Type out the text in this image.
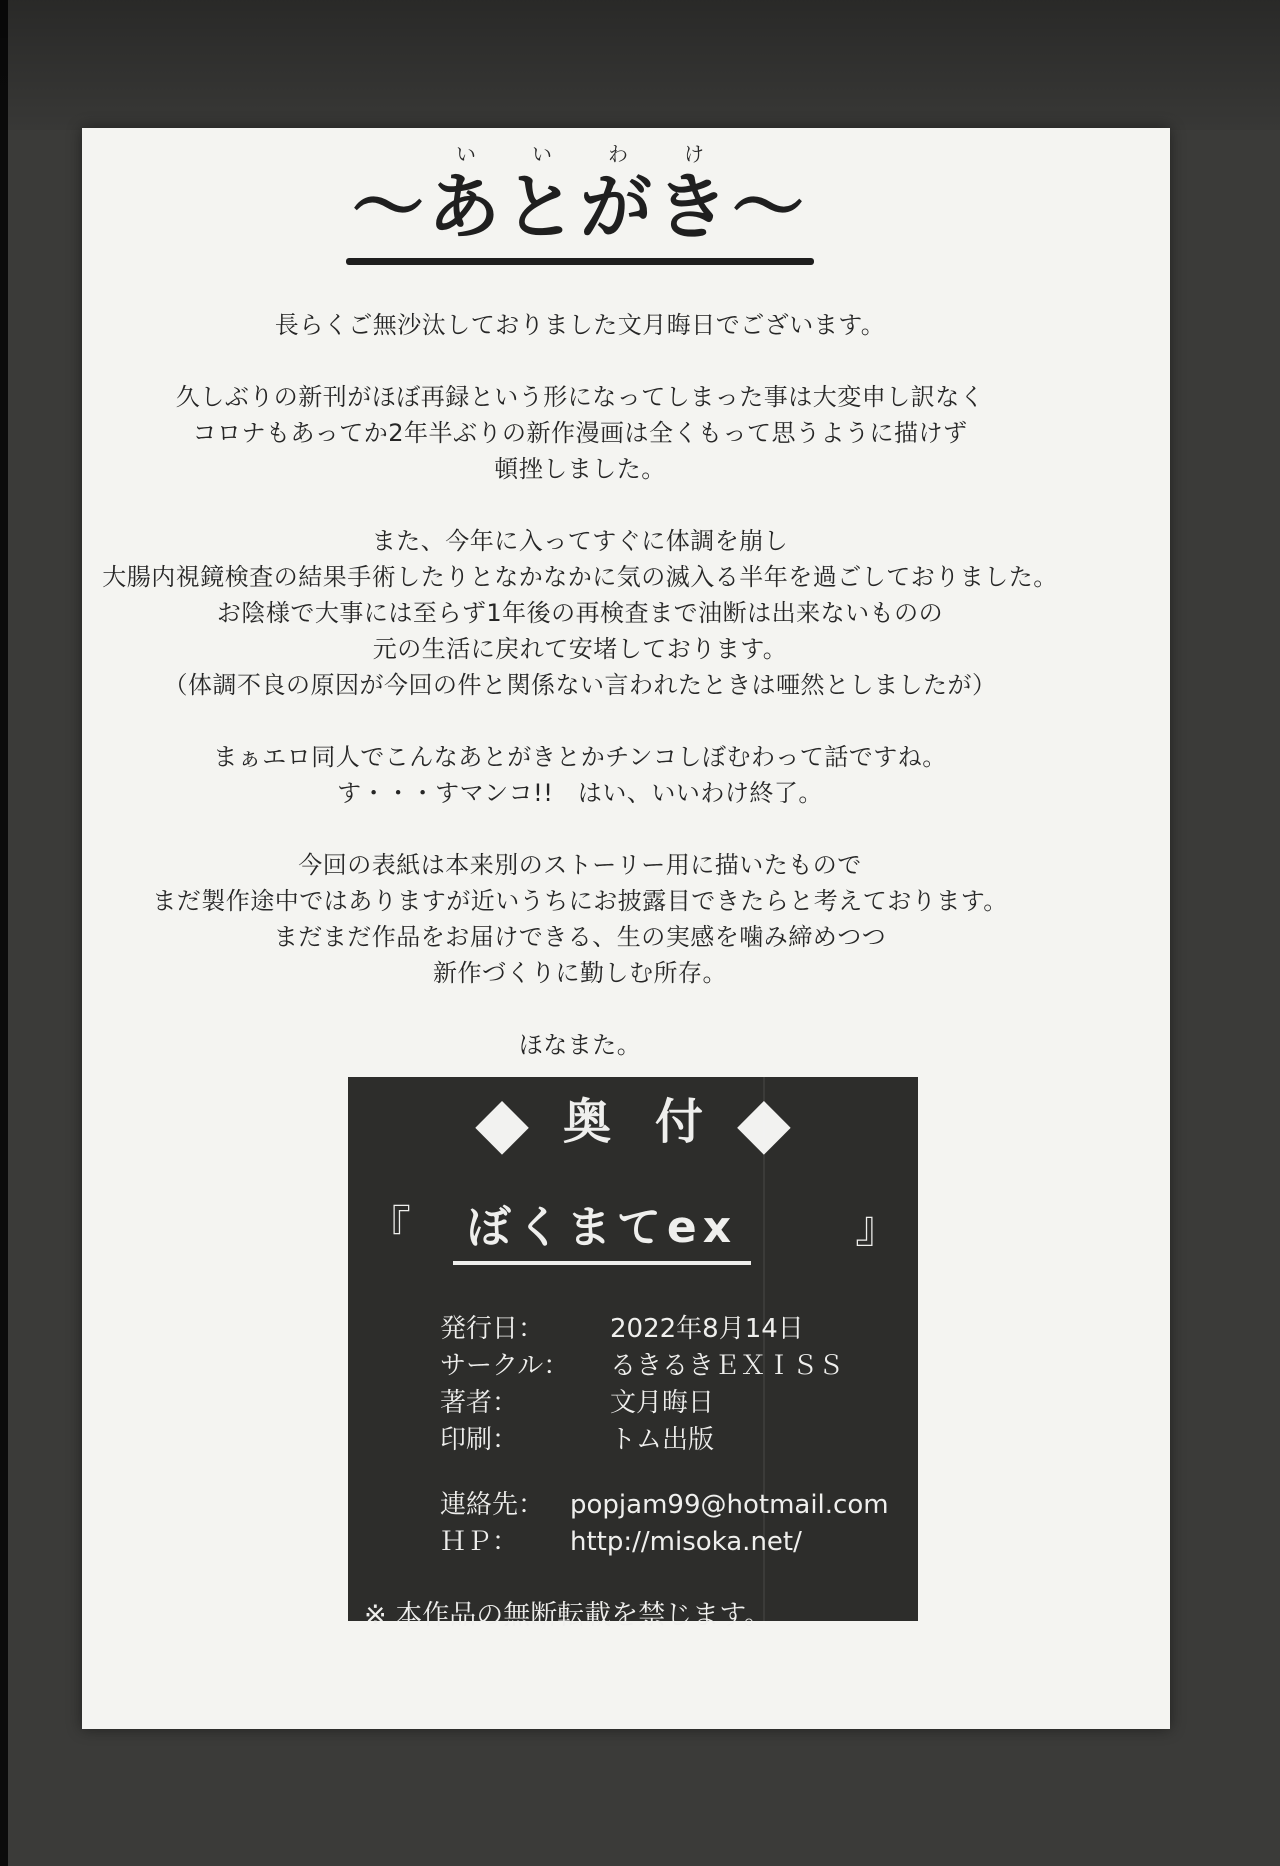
～あいといがわきけ～
長らくご無沙汰しておりました文月晦日でございます。
久しぶりの新刊がほぼ再録という形になってしまった事は大変申し訳なく
コロナもあってか2年半ぶりの新作漫画は全くもって思うように描けず
頓挫しました。
また、今年に入ってすぐに体調を崩し
大腸内視鏡検査の結果手術したりとなかなかに気の滅入る半年を過ごしておりました。
お陰様で大事には至らず1年後の再検査まで油断は出来ないものの
元の生活に戻れて安堵しております。
（体調不良の原因が今回の件と関係ない言われたときは唖然としましたが）
まぁエロ同人でこんなあとがきとかチンコしぼむわって話ですね。
す・・・すマンコ!!　はい、いいわけ終了。
今回の表紙は本来別のストーリー用に描いたもので
まだ製作途中ではありますが近いうちにお披露目できたらと考えております。
まだまだ作品をお届けできる、生の実感を噛み締めつつ
新作づくりに勤しむ所存。
ほなまた。
◆ 奥付
◆
『	ぼくまてex	』
発行日：	2022年8月14日
サークル：	るきるきＥＸＩＳＳ
著者：	文月晦日
印刷：	トム出版
連絡先： popjam99@hotmail.com
ＨＰ：	http://misoka.net/
※ 本作品の無断転載を禁じます。
